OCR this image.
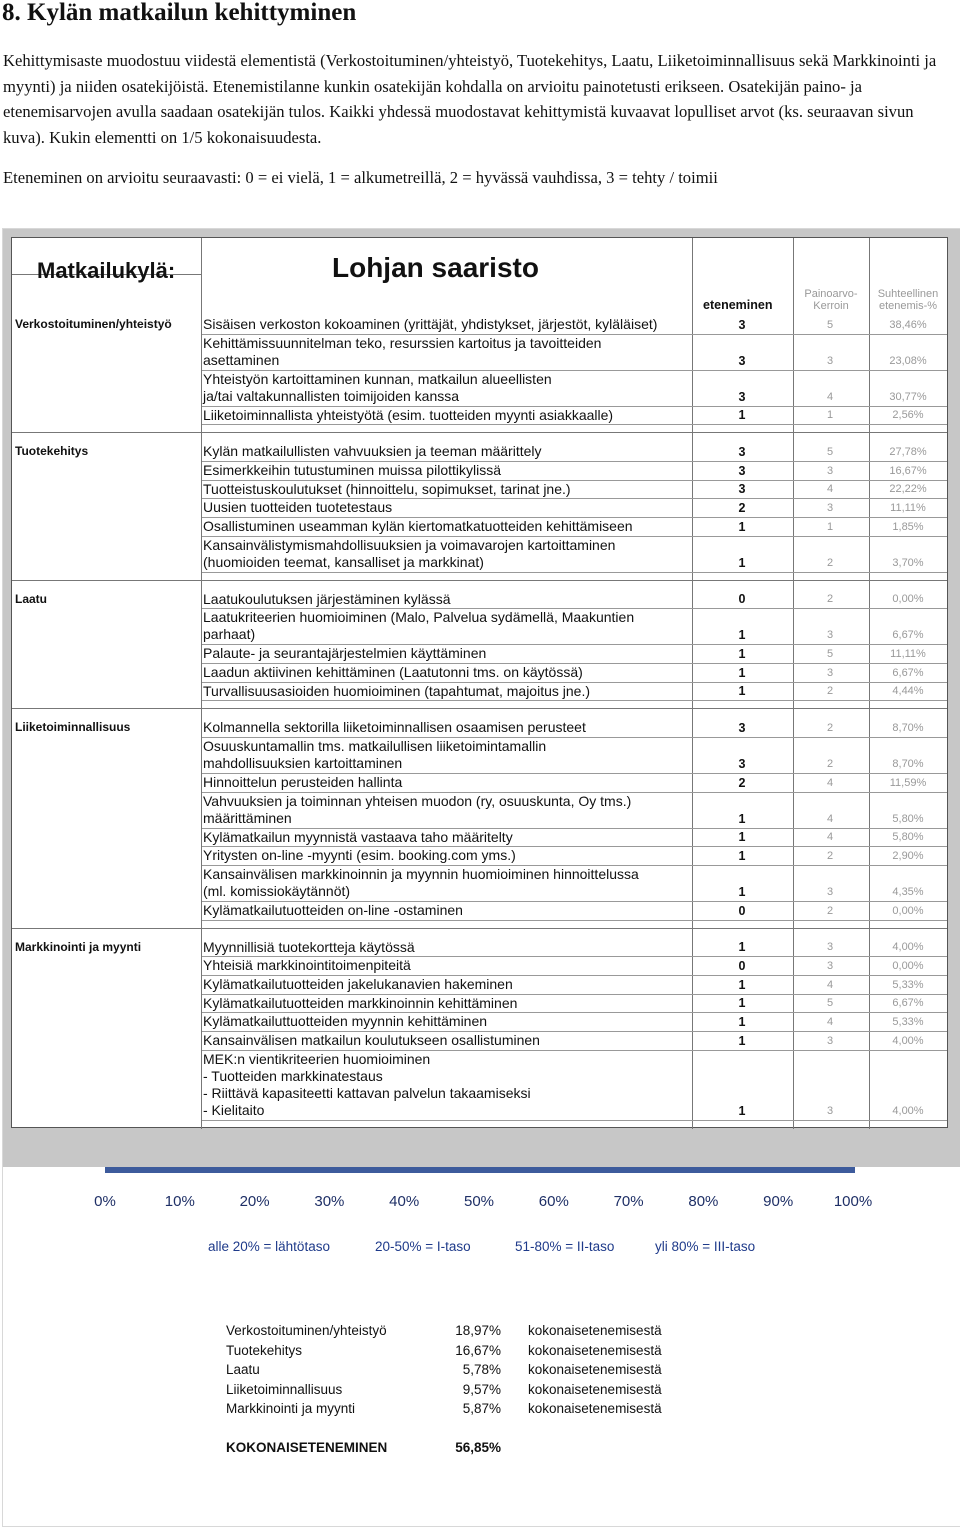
8. Kylän matkailun kehittyminen

Kehittymisaste muodostuu viidestä elementistä (Verkostoituminen/yhteistyö, Tuotekehitys, Laatu, Liiketoiminnallisuus sekä Markkinointi ja myynti) ja niiden osatekijöistä. Etenemistilanne kunkin osatekijän kohdalla on arvioitu painotetusti erikseen. Osatekijän paino- ja etenemisarvojen avulla saadaan osatekijän tulos. Kaikki yhdessä muodostavat kehittymistä kuvaavat lopulliset arvot (ks. seuraavan sivun kuva). Kukin elementti on 1/5 kokonaisuudesta.

Eteneminen on arvioitu seuraavasti: 0 = ei vielä, 1 = alkumetreillä, 2 = hyvässä vauhdissa, 3 = tehty / toimii

Matkailukylä:	Lohjan saaristo
eteneminen
Painoarvo-
Kerroin
Suhteellinen
etenemis-%
Verkostoituminen/yhteistyö Sisäisen verkoston kokoaminen (yrittäjät, yhdistykset, järjestöt, kyläläiset)	3	5	38,46%
Kehittämissuunnitelman teko, resurssien kartoitus ja tavoitteiden
asettaminen	3	3	23,08%
Yhteistyön kartoittaminen kunnan, matkailun alueellisten
ja/tai valtakunnallisten toimijoiden kanssa	3	4	30,77%
Liiketoiminnallista yhteistyötä (esim. tuotteiden myynti asiakkaalle)	1	1	2,56%
Tuotekehitys	Kylän matkailullisten vahvuuksien ja teeman määrittely	3	5	27,78%
Esimerkkeihin tutustuminen muissa pilottikylissä	3	3	16,67%
Tuotteistuskoulutukset (hinnoittelu, sopimukset, tarinat jne.)	3	4	22,22%
Uusien tuotteiden tuotetestaus	2	3	11,11%
Osallistuminen useamman kylän kiertomatkatuotteiden kehittämiseen	1	1	1,85%
Kansainvälistymismahdollisuuksien ja voimavarojen kartoittaminen
(huomioiden teemat, kansalliset ja markkinat)	1	2	3,70%
Laatu	Laatukoulutuksen järjestäminen kylässä	0	2	0,00%
Laatukriteerien huomioiminen (Malo, Palvelua sydämellä, Maakuntien
parhaat)	1	3	6,67%
Palaute- ja seurantajärjestelmien käyttäminen	1	5	11,11%
Laadun aktiivinen kehittäminen (Laatutonni tms. on käytössä)	1	3	6,67%
Turvallisuusasioiden huomioiminen (tapahtumat, majoitus jne.)	1	2	4,44%
Liiketoiminnallisuus	Kolmannella sektorilla liiketoiminnallisen osaamisen perusteet	3	2	8,70%
Osuuskuntamallin tms. matkailullisen liiketoimintamallin
mahdollisuuksien kartoittaminen	3	2	8,70%
Hinnoittelun perusteiden hallinta	2	4	11,59%
Vahvuuksien ja toiminnan yhteisen muodon (ry, osuuskunta, Oy tms.)
määrittäminen	1	4	5,80%
Kylämatkailun myynnistä vastaava taho määritelty	1	4	5,80%
Yritysten on-line -myynti (esim. booking.com yms.)	1	2	2,90%
Kansainvälisen markkinoinnin ja myynnin huomioiminen hinnoittelussa
(ml. komissiokäytännöt)	1	3	4,35%
Kylämatkailutuotteiden on-line -ostaminen	0	2	0,00%
Markkinointi ja myynti	Myynnillisiä tuotekortteja käytössä	1	3	4,00%
Yhteisiä markkinointitoimenpiteitä	0	3	0,00%
Kylämatkailutuotteiden jakelukanavien hakeminen	1	4	5,33%
Kylämatkailutuotteiden markkinoinnin kehittäminen	1	5	6,67%
Kylämatkailuttuotteiden myynnin kehittäminen	1	4	5,33%
Kansainvälisen matkailun koulutukseen osallistuminen	1	3	4,00%
MEK:n vientikriteerien huomioiminen
- Tuotteiden markkinatestaus
- Riittävä kapasiteetti kattavan palvelun takaamiseksi
- Kielitaito	1	3	4,00%
0%	10%	20%	30%	40%	50%	60%	70%	80%	90%	100%
alle 20% = lähtötaso	20-50% = I-taso	51-80% = II-taso	yli 80% = III-taso
Verkostoituminen/yhteistyö	18,97% kokonaisetenemisestä
Tuotekehitys	16,67% kokonaisetenemisestä
Laatu	5,78% kokonaisetenemisestä
Liiketoiminnallisuus	9,57% kokonaisetenemisestä
Markkinointi ja myynti	5,87% kokonaisetenemisestä
KOKONAISETENEMINEN	56,85%
